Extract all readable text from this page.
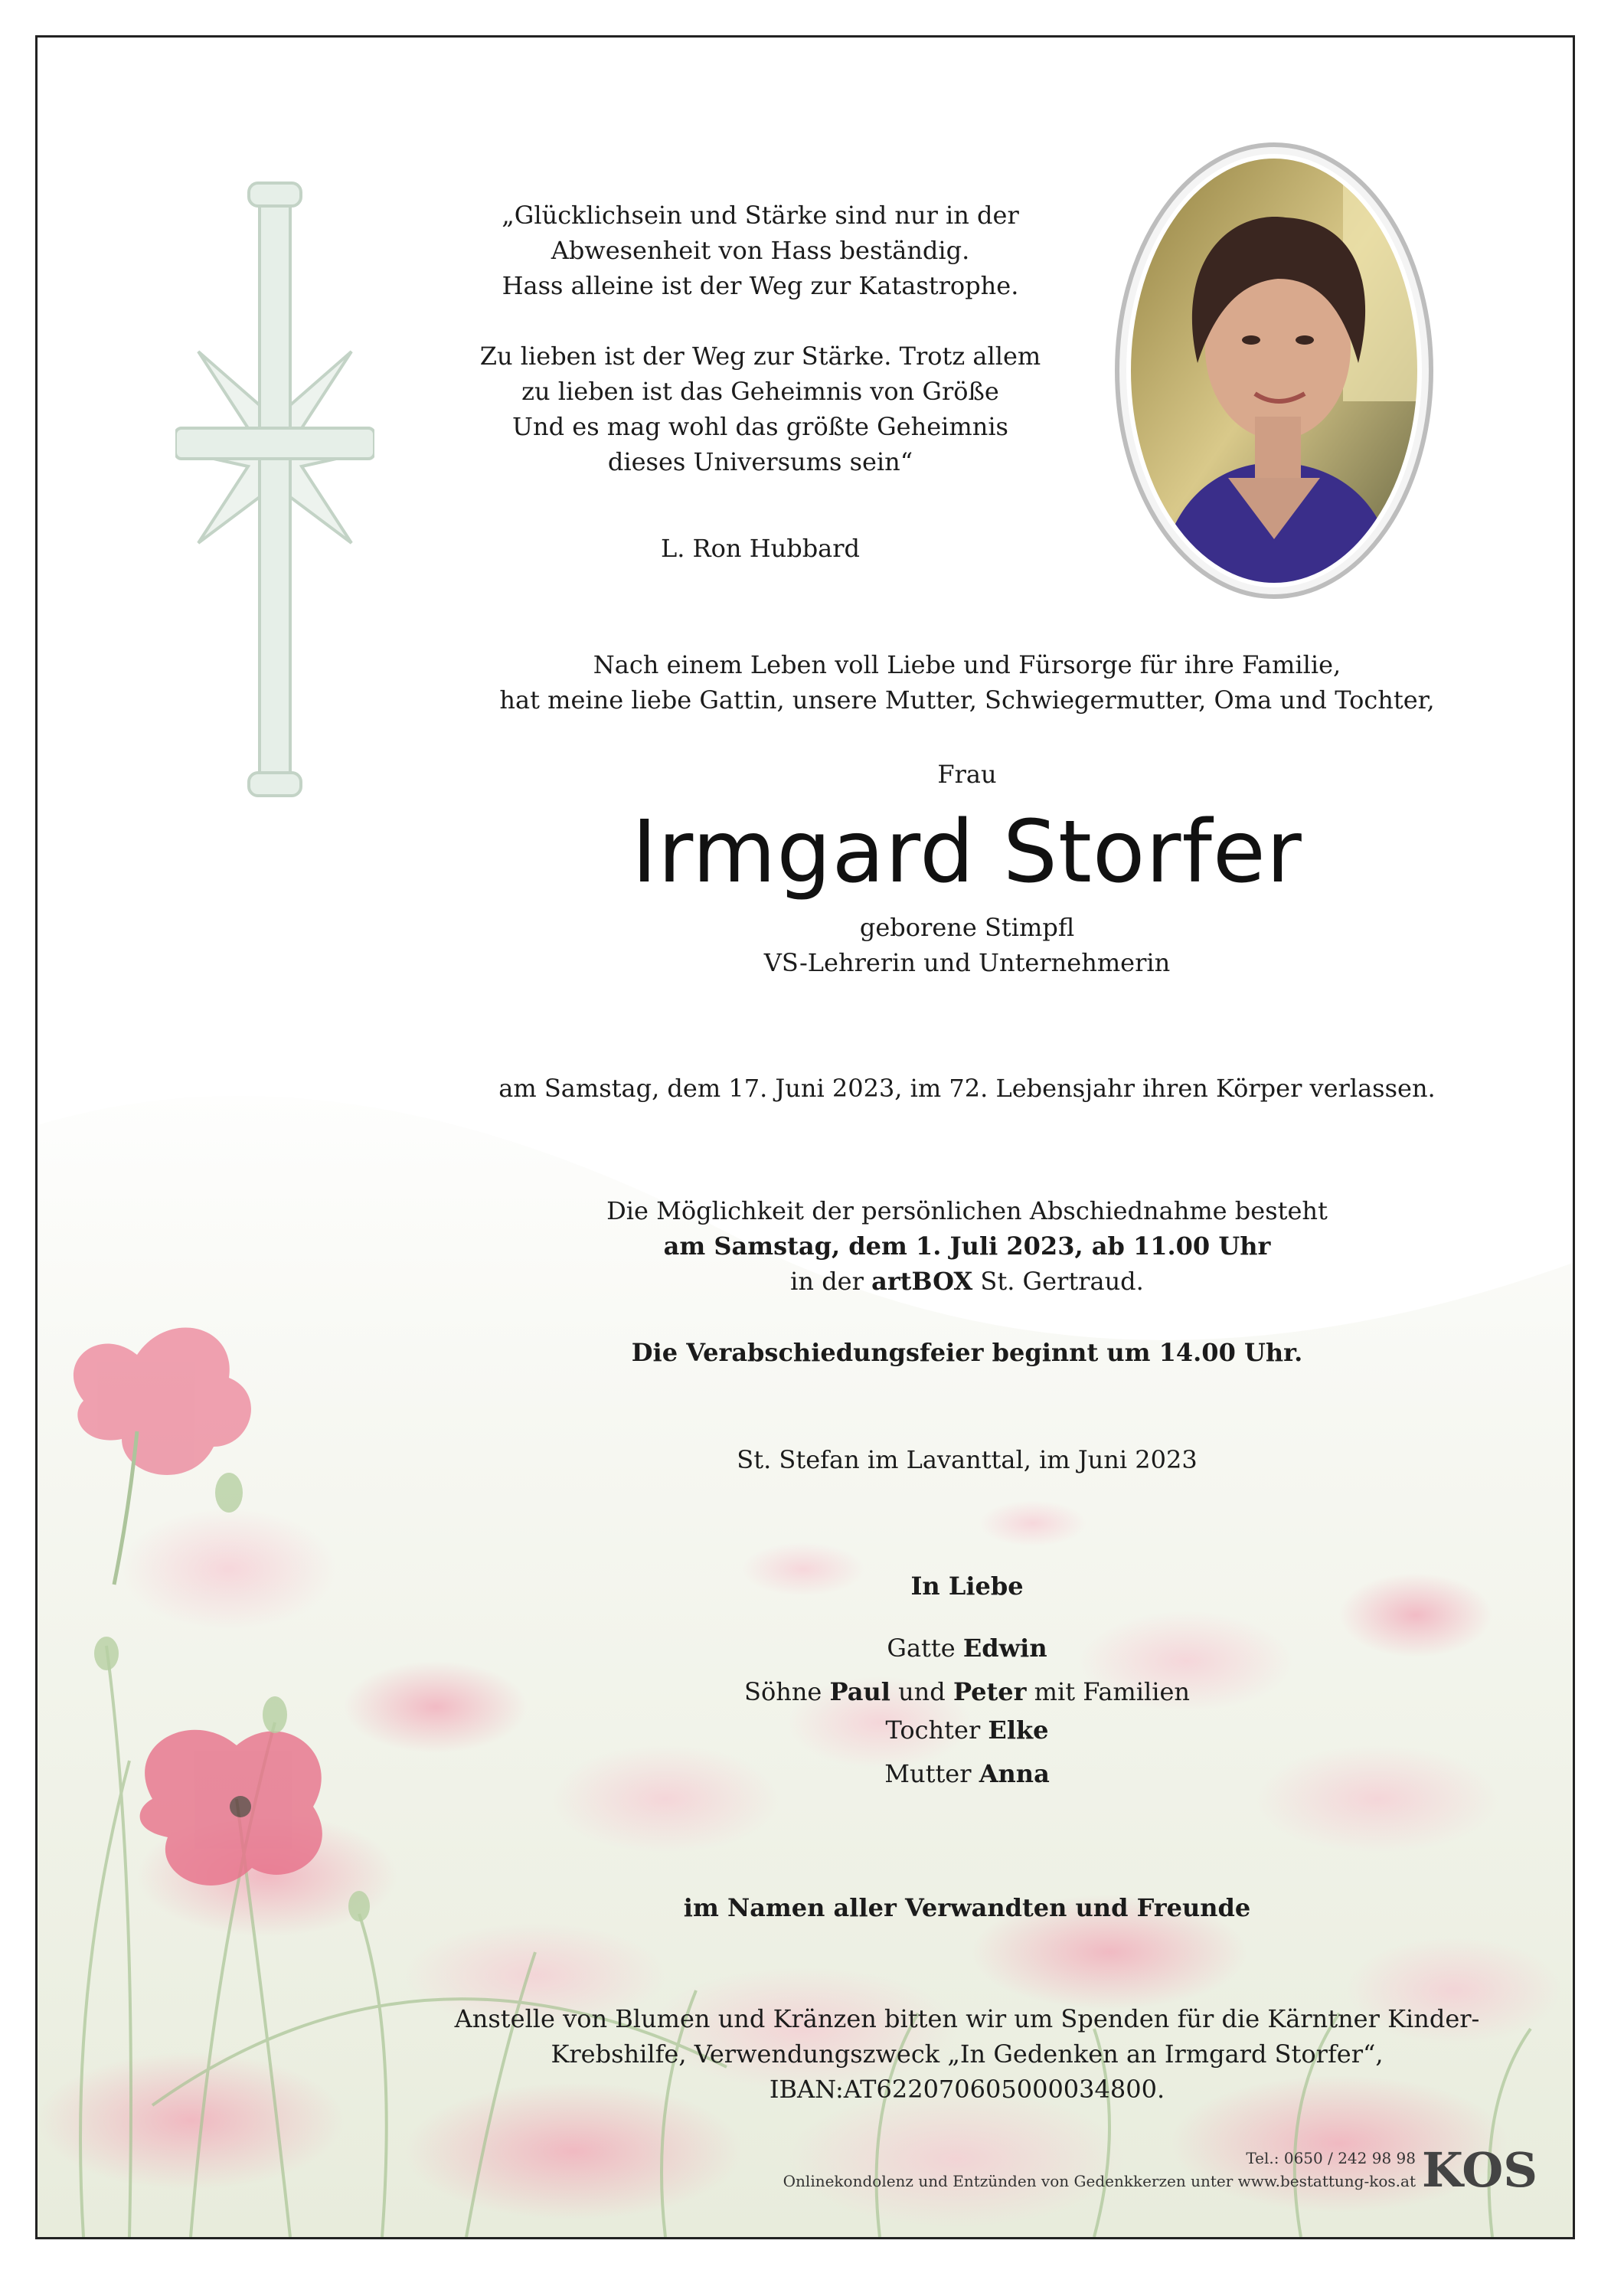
„Glücklichsein und Stärke sind nur in der
Abwesenheit von Hass beständig.
Hass alleine ist der Weg zur Katastrophe.

Zu lieben ist der Weg zur Stärke. Trotz allem
zu lieben ist das Geheimnis von Größe
Und es mag wohl das größte Geheimnis
dieses Universums sein“

L. Ron Hubbard
Nach einem Leben voll Liebe und Fürsorge für ihre Familie,
hat meine liebe Gattin, unsere Mutter, Schwiegermutter, Oma und Tochter,
Frau
Irmgard Storfer
geborene Stimpfl
VS-Lehrerin und Unternehmerin
am Samstag, dem 17. Juni 2023, im 72. Lebensjahr ihren Körper verlassen.
Die Möglichkeit der persönlichen Abschiednahme besteht
am Samstag, dem 1. Juli 2023, ab 11.00 Uhr
in der artBOX St. Gertraud.
Die Verabschiedungsfeier beginnt um 14.00 Uhr.
St. Stefan im Lavanttal, im Juni 2023
In Liebe
Gatte Edwin
Söhne Paul und Peter mit Familien
Tochter Elke
Mutter Anna
im Namen aller Verwandten und Freunde
Anstelle von Blumen und Kränzen bitten wir um Spenden für die Kärntner Kinder-
Krebshilfe, Verwendungszweck „In Gedenken an Irmgard Storfer“,
IBAN:AT622070605000034800.
Tel.: 0650 / 242 98 98
Onlinekondolenz und Entzünden von Gedenkkerzen unter www.bestattung-kos.at KOS
